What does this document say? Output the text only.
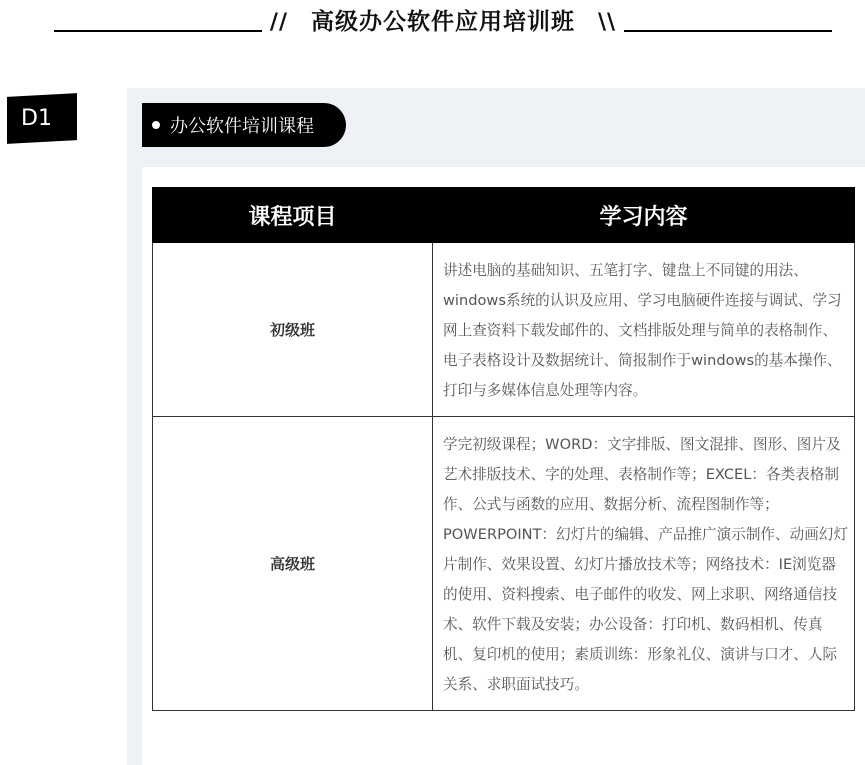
// 高级办公软件应用培训班 \\
D1	办公软件培训课程
课程项目	学习内容
初级班	讲述电脑的基础知识、五笔打字、键盘上不同键的用法、windows系统的认识及应用、学习电脑硬件连接与调试、学习网上查资料下载发邮件的、文档排版处理与简单的表格制作、电子表格设计及数据统计、简报制作于windows的基本操作、打印与多媒体信息处理等内容。
高级班	学完初级课程；WORD：文字排版、图文混排、图形、图片及艺术排版技术、字的处理、表格制作等；EXCEL：各类表格制作、公式与函数的应用、数据分析、流程图制作等；POWERPOINT：幻灯片的编辑、产品推广演示制作、动画幻灯片制作、效果设置、幻灯片播放技术等；网络技术：IE浏览器的使用、资料搜索、电子邮件的收发、网上求职、网络通信技术、软件下载及安装；办公设备：打印机、数码相机、传真机、复印机的使用；素质训练：形象礼仪、演讲与口才、人际关系、求职面试技巧。
